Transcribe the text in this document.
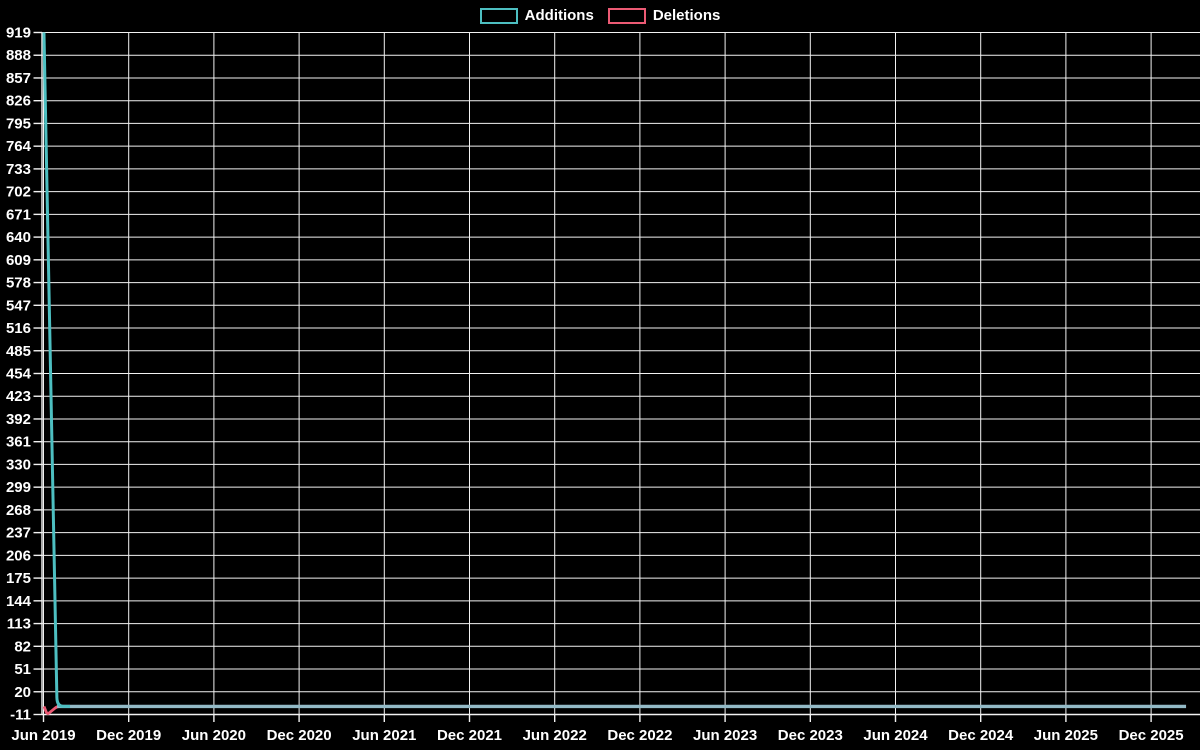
919
888
857
826
795
764
733
702
671
640
609
578
547
516
485
454
423
392
361
330
299
268
237
206
175
144
113
82
51
20
-11
Jun 2019 Dec 2019 Jun 2020 Dec 2020 Jun 2021 Dec 2021 Jun 2022 Dec 2022 Jun 2023 Dec 2023 Jun 2024 Dec 2024 Jun 2025 Dec 2025
Additions	Deletions
